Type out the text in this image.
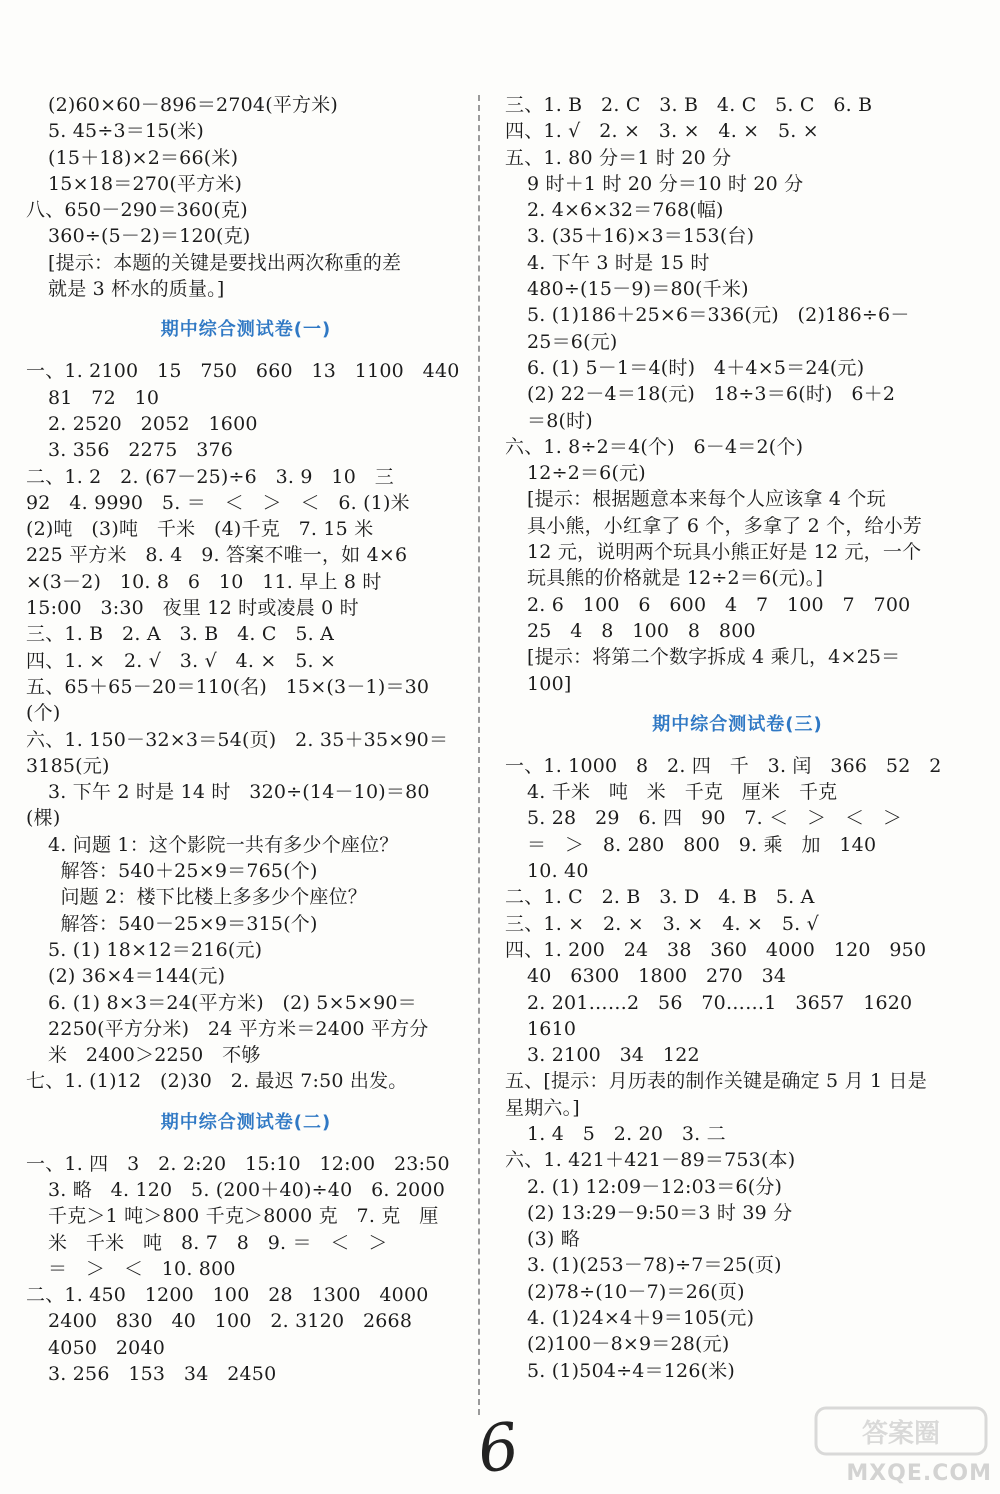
(2)60×60－896＝2704(平方米)
5. 45÷3＝15(米)
(15＋18)×2＝66(米)
15×18＝270(平方米)
八、650－290＝360(克)
360÷(5－2)＝120(克)
[提示：本题的关键是要找出两次称重的差
就是 3 杯水的质量。]
期中综合测试卷(一)
一、1. 2100   15   750   660   13   1100   440
81   72   10
2. 2520   2052   1600
3. 356   2275   376
二、1. 2   2. (67－25)÷6   3. 9   10   三
92   4. 9990   5. ＝   ＜   ＞   ＜   6. (1)米
(2)吨   (3)吨   千米   (4)千克   7. 15 米
225 平方米   8. 4   9. 答案不唯一，如 4×6
×(3－2)   10. 8   6   10   11. 早上 8 时
15:00   3:30   夜里 12 时或凌晨 0 时
三、1. B   2. A   3. B   4. C   5. A
四、1. ×   2. √   3. √   4. ×   5. ×
五、65＋65－20＝110(名)   15×(3－1)＝30
(个)
六、1. 150－32×3＝54(页)   2. 35＋35×90＝
3185(元)
3. 下午 2 时是 14 时   320÷(14－10)＝80
(棵)
4. 问题 1：这个影院一共有多少个座位？
解答：540＋25×9＝765(个)
问题 2：楼下比楼上多多少个座位？
解答：540－25×9＝315(个)
5. (1) 18×12＝216(元)
(2) 36×4＝144(元)
6. (1) 8×3＝24(平方米)   (2) 5×5×90＝
2250(平方分米)   24 平方米＝2400 平方分
米   2400＞2250   不够
七、1. (1)12   (2)30   2. 最迟 7:50 出发。
期中综合测试卷(二)
一、1. 四   3   2. 2:20   15:10   12:00   23:50
3. 略   4. 120   5. (200＋40)÷40   6. 2000
千克＞1 吨＞800 千克＞8000 克   7. 克   厘
米   千米   吨   8. 7   8   9. ＝   ＜   ＞
＝   ＞   ＜   10. 800
二、1. 450   1200   100   28   1300   4000
2400   830   40   100   2. 3120   2668
4050   2040
3. 256   153   34   2450
三、1. B   2. C   3. B   4. C   5. C   6. B
四、1. √   2. ×   3. ×   4. ×   5. ×
五、1. 80 分＝1 时 20 分
9 时＋1 时 20 分＝10 时 20 分
2. 4×6×32＝768(幅)
3. (35＋16)×3＝153(台)
4. 下午 3 时是 15 时
480÷(15－9)＝80(千米)
5. (1)186＋25×6＝336(元)   (2)186÷6－
25＝6(元)
6. (1) 5－1＝4(时)   4＋4×5＝24(元)
(2) 22－4＝18(元)   18÷3＝6(时)   6＋2
＝8(时)
六、1. 8÷2＝4(个)   6－4＝2(个)
12÷2＝6(元)
[提示：根据题意本来每个人应该拿 4 个玩
具小熊，小红拿了 6 个，多拿了 2 个，给小芳
12 元，说明两个玩具小熊正好是 12 元，一个
玩具熊的价格就是 12÷2＝6(元)。]
2. 6   100   6   600   4   7   100   7   700
25   4   8   100   8   800
[提示：将第二个数字拆成 4 乘几，4×25＝
100]
期中综合测试卷(三)
一、1. 1000   8   2. 四   千   3. 闰   366   52   2
4. 千米   吨   米   千克   厘米   千克
5. 28   29   6. 四   90   7. ＜   ＞   ＜   ＞
＝   ＞   8. 280   800   9. 乘   加   140
10. 40
二、1. C   2. B   3. D   4. B   5. A
三、1. ×   2. ×   3. ×   4. ×   5. √
四、1. 200   24   38   360   4000   120   950
40   6300   1800   270   34
2. 201……2   56   70……1   3657   1620
1610
3. 2100   34   122
五、[提示：月历表的制作关键是确定 5 月 1 日是
星期六。]
1. 4   5   2. 20   3. 二
六、1. 421＋421－89＝753(本)
2. (1) 12:09－12:03＝6(分)
(2) 13:29－9:50＝3 时 39 分
(3) 略
3. (1)(253－78)÷7＝25(页)
(2)78÷(10－7)＝26(页)
4. (1)24×4＋9＝105(元)
(2)100－8×9＝28(元)
5. (1)504÷4＝126(米)
6	答案圈
MXQE.COM
